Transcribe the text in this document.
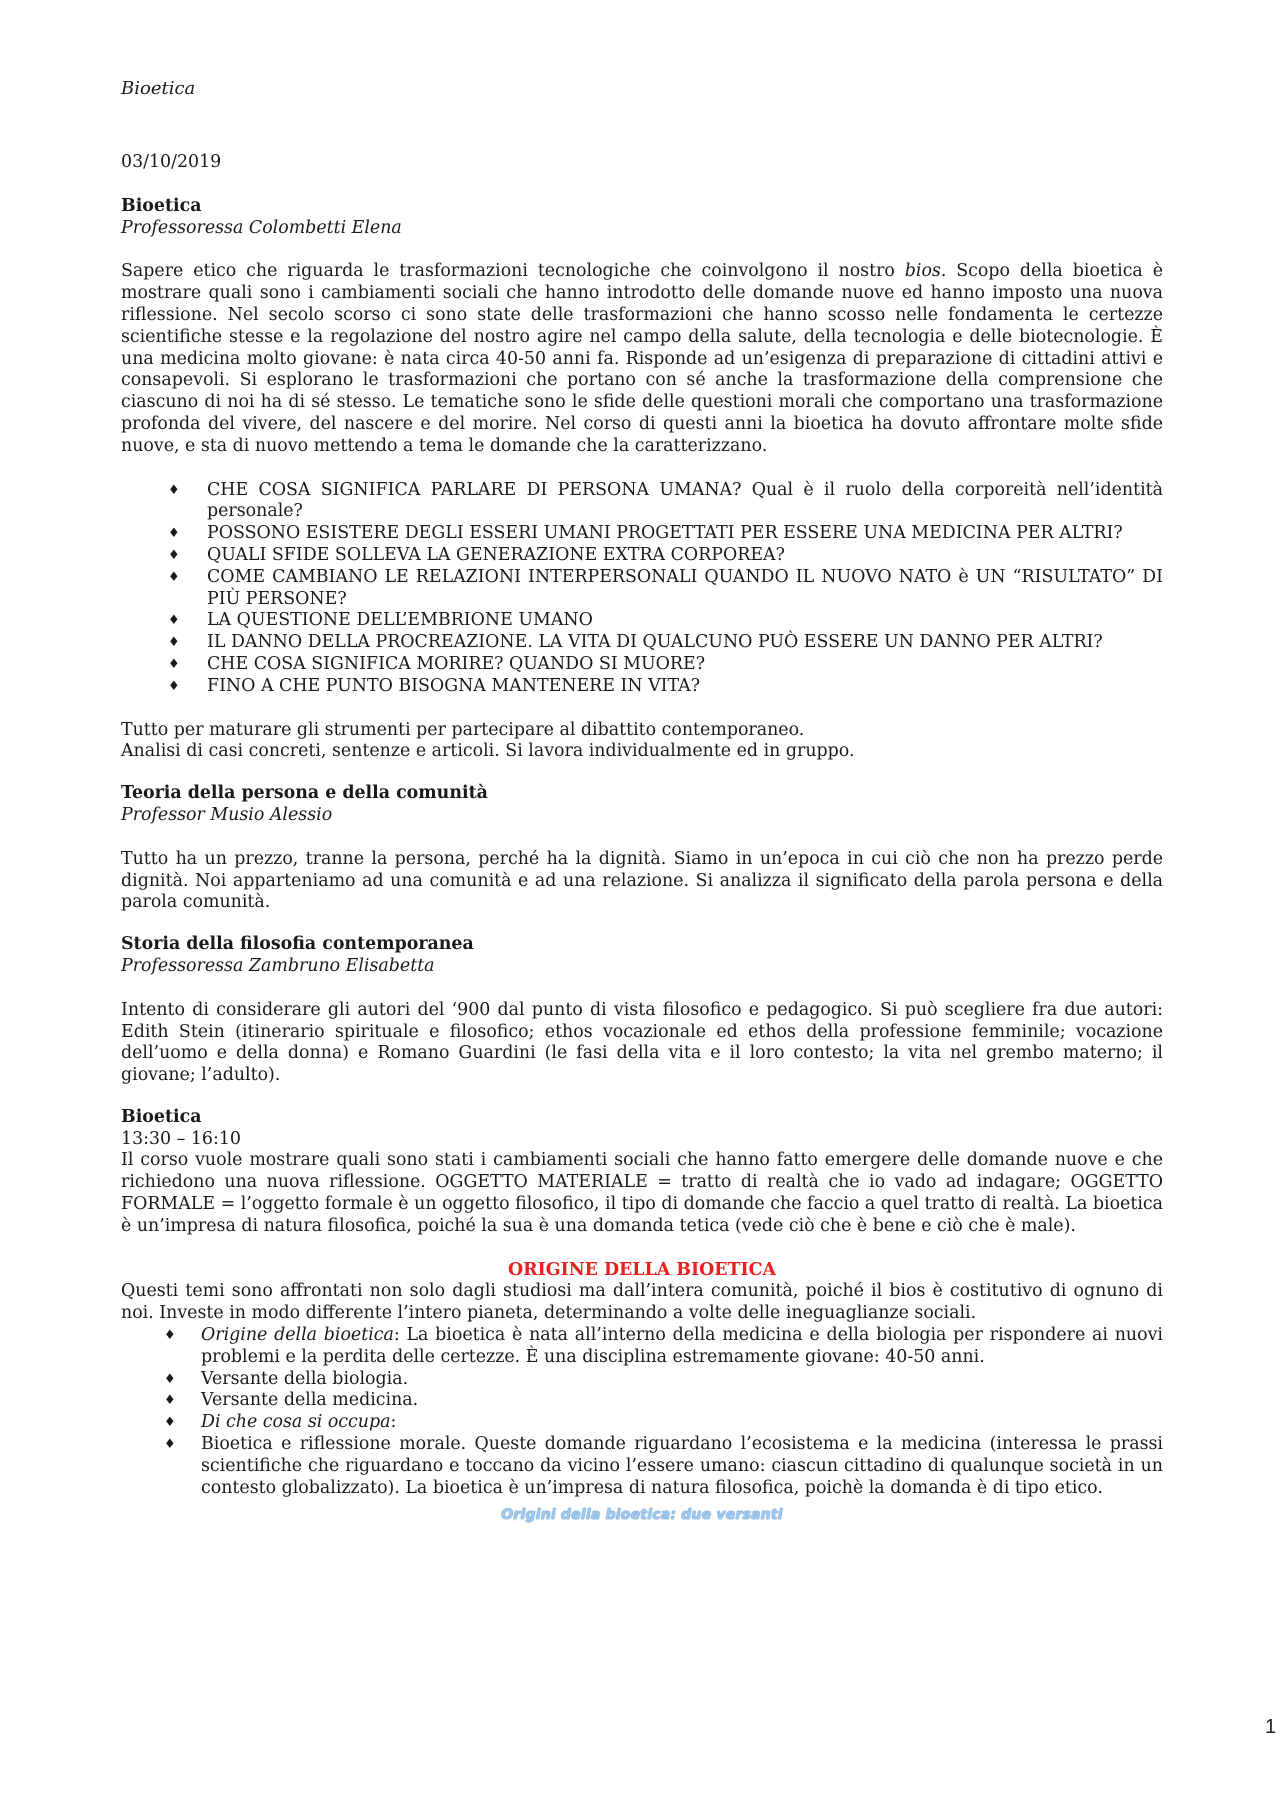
Bioetica

03/10/2019

Bioetica

Professoressa Colombetti Elena

Sapere etico che riguarda le trasformazioni tecnologiche che coinvolgono il nostro bios. Scopo della bioetica è mostrare quali sono i cambiamenti sociali che hanno introdotto delle domande nuove ed hanno imposto una nuova riflessione. Nel secolo scorso ci sono state delle trasformazioni che hanno scosso nelle fondamenta le certezze scientifiche stesse e la regolazione del nostro agire nel campo della salute, della tecnologia e delle biotecnologie. È una medicina molto giovane: è nata circa 40-50 anni fa. Risponde ad un’esigenza di preparazione di cittadini attivi e consapevoli. Si esplorano le trasformazioni che portano con sé anche la trasformazione della comprensione che ciascuno di noi ha di sé stesso. Le tematiche sono le sfide delle questioni morali che comportano una trasformazione profonda del vivere, del nascere e del morire. Nel corso di questi anni la bioetica ha dovuto affrontare molte sfide nuove, e sta di nuovo mettendo a tema le domande che la caratterizzano.

♦ CHE COSA SIGNIFICA PARLARE DI PERSONA UMANA? Qual è il ruolo della corporeità nell’identità personale?
♦ POSSONO ESISTERE DEGLI ESSERI UMANI PROGETTATI PER ESSERE UNA MEDICINA PER ALTRI?
♦ QUALI SFIDE SOLLEVA LA GENERAZIONE EXTRA CORPOREA?
♦ COME CAMBIANO LE RELAZIONI INTERPERSONALI QUANDO IL NUOVO NATO è UN “RISULTATO” DI PIÙ PERSONE?
♦ LA QUESTIONE DELL’EMBRIONE UMANO
♦ IL DANNO DELLA PROCREAZIONE. LA VITA DI QUALCUNO PUÒ ESSERE UN DANNO PER ALTRI?
♦ CHE COSA SIGNIFICA MORIRE? QUANDO SI MUORE?
♦ FINO A CHE PUNTO BISOGNA MANTENERE IN VITA?

Tutto per maturare gli strumenti per partecipare al dibattito contemporaneo.

Analisi di casi concreti, sentenze e articoli. Si lavora individualmente ed in gruppo.

Teoria della persona e della comunità

Professor Musio Alessio

Tutto ha un prezzo, tranne la persona, perché ha la dignità. Siamo in un’epoca in cui ciò che non ha prezzo perde dignità. Noi apparteniamo ad una comunità e ad una relazione. Si analizza il significato della parola persona e della parola comunità.

Storia della filosofia contemporanea

Professoressa Zambruno Elisabetta

Intento di considerare gli autori del ‘900 dal punto di vista filosofico e pedagogico. Si può scegliere fra due autori: Edith Stein (itinerario spirituale e filosofico; ethos vocazionale ed ethos della professione femminile; vocazione dell’uomo e della donna) e Romano Guardini (le fasi della vita e il loro contesto; la vita nel grembo materno; il giovane; l’adulto).

Bioetica

13:30 – 16:10

Il corso vuole mostrare quali sono stati i cambiamenti sociali che hanno fatto emergere delle domande nuove e che richiedono una nuova riflessione. OGGETTO MATERIALE = tratto di realtà che io vado ad indagare; OGGETTO FORMALE = l’oggetto formale è un oggetto filosofico, il tipo di domande che faccio a quel tratto di realtà. La bioetica è un’impresa di natura filosofica, poiché la sua è una domanda tetica (vede ciò che è bene e ciò che è male).

ORIGINE DELLA BIOETICA

Questi temi sono affrontati non solo dagli studiosi ma dall’intera comunità, poiché il bios è costitutivo di ognuno di noi. Investe in modo differente l’intero pianeta, determinando a volte delle ineguaglianze sociali.

♦ Origine della bioetica: La bioetica è nata all’interno della medicina e della biologia per rispondere ai nuovi problemi e la perdita delle certezze. È una disciplina estremamente giovane: 40-50 anni.
♦ Versante della biologia.
♦ Versante della medicina.
♦ Di che cosa si occupa:
♦ Bioetica e riflessione morale. Queste domande riguardano l’ecosistema e la medicina (interessa le prassi scientifiche che riguardano e toccano da vicino l’essere umano: ciascun cittadino di qualunque società in un contesto globalizzato). La bioetica è un’impresa di natura filosofica, poichè la domanda è di tipo etico.

Origini della bioetica: due versanti

1
